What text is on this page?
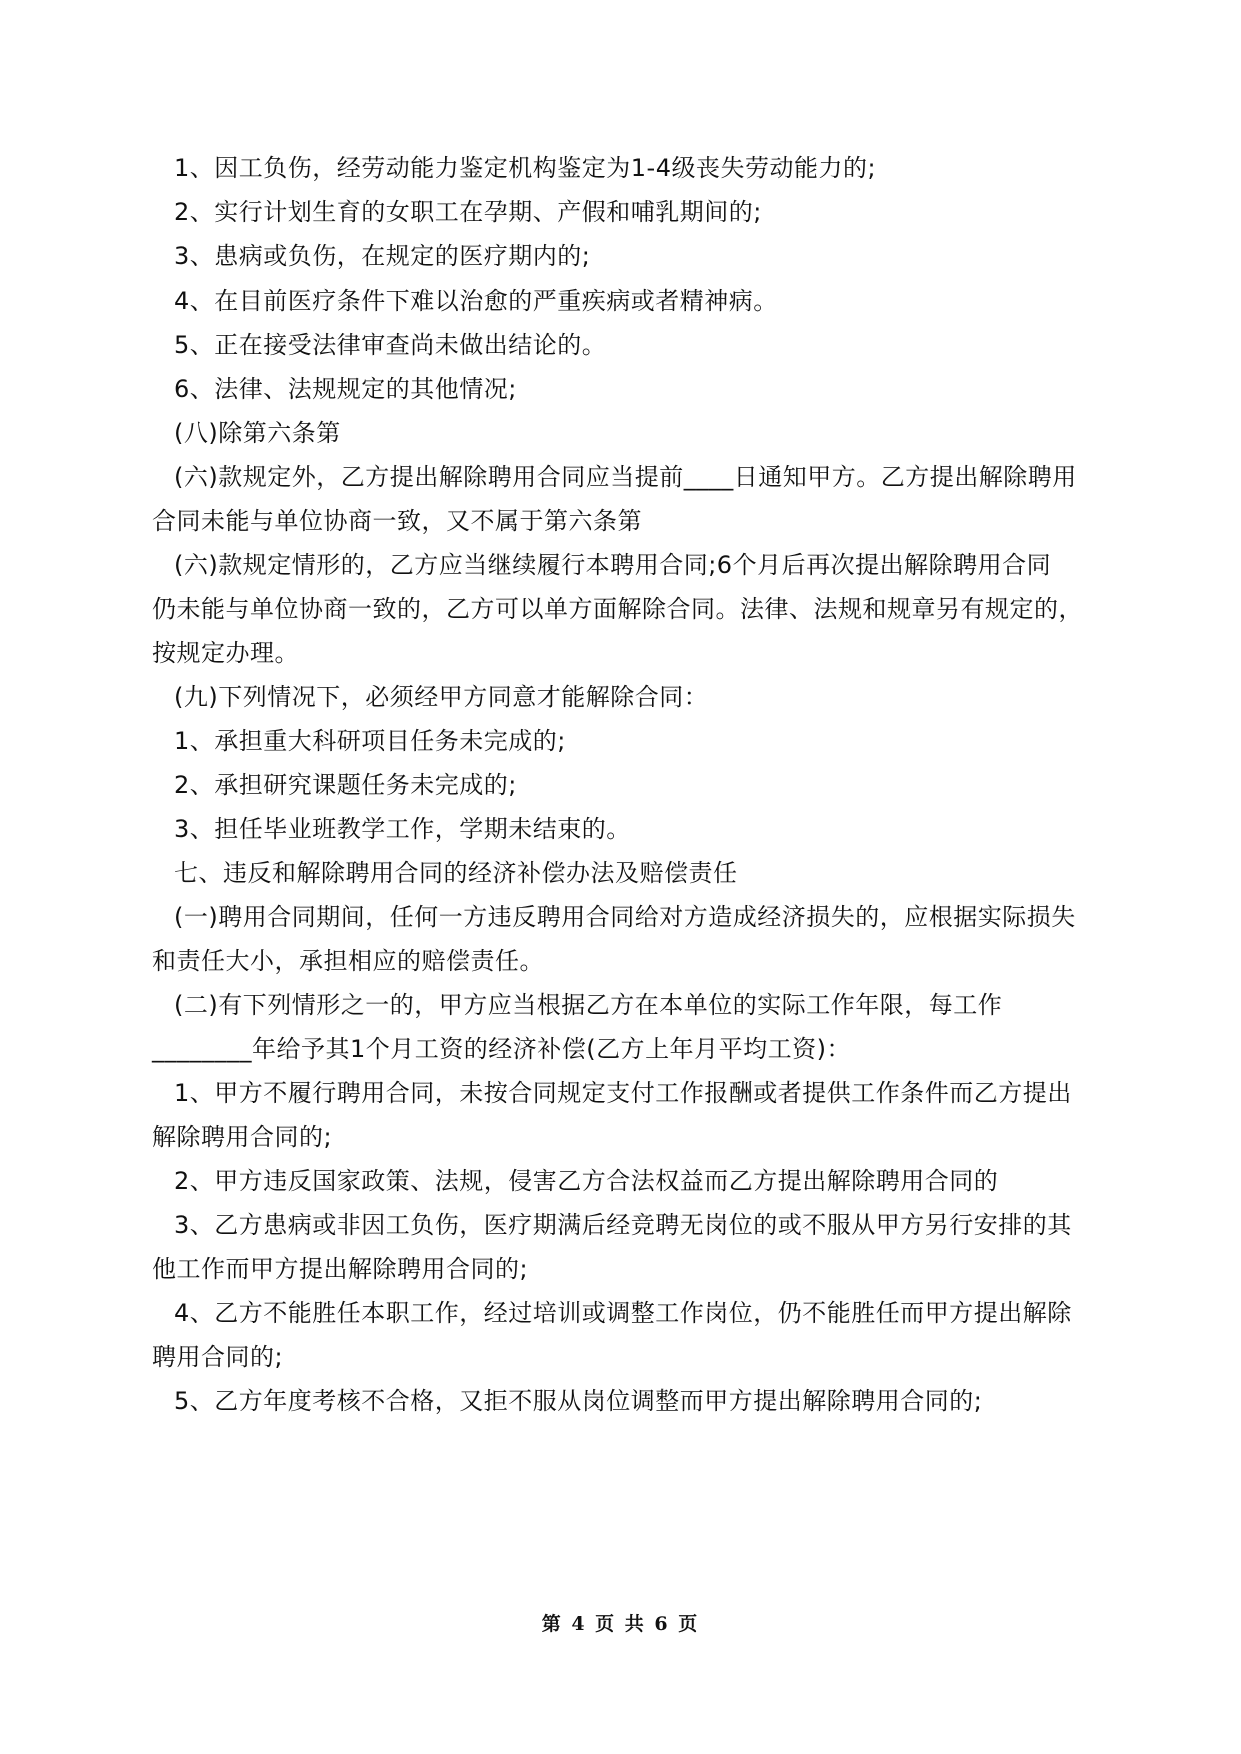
1、因工负伤，经劳动能力鉴定机构鉴定为1-4级丧失劳动能力的;
2、实行计划生育的女职工在孕期、产假和哺乳期间的;
3、患病或负伤，在规定的医疗期内的;
4、在目前医疗条件下难以治愈的严重疾病或者精神病。
5、正在接受法律审查尚未做出结论的。
6、法律、法规规定的其他情况;
(八)除第六条第
(六)款规定外，乙方提出解除聘用合同应当提前____日通知甲方。乙方提出解除聘用
合同未能与单位协商一致，又不属于第六条第
(六)款规定情形的，乙方应当继续履行本聘用合同;6个月后再次提出解除聘用合同
仍未能与单位协商一致的，乙方可以单方面解除合同。法律、法规和规章另有规定的，
按规定办理。
(九)下列情况下，必须经甲方同意才能解除合同：
1、承担重大科研项目任务未完成的;
2、承担研究课题任务未完成的;
3、担任毕业班教学工作，学期未结束的。
七、违反和解除聘用合同的经济补偿办法及赔偿责任
(一)聘用合同期间，任何一方违反聘用合同给对方造成经济损失的，应根据实际损失
和责任大小，承担相应的赔偿责任。
(二)有下列情形之一的，甲方应当根据乙方在本单位的实际工作年限，每工作
________年给予其1个月工资的经济补偿(乙方上年月平均工资)：
1、甲方不履行聘用合同，未按合同规定支付工作报酬或者提供工作条件而乙方提出
解除聘用合同的;
2、甲方违反国家政策、法规，侵害乙方合法权益而乙方提出解除聘用合同的
3、乙方患病或非因工负伤，医疗期满后经竞聘无岗位的或不服从甲方另行安排的其
他工作而甲方提出解除聘用合同的;
4、乙方不能胜任本职工作，经过培训或调整工作岗位，仍不能胜任而甲方提出解除
聘用合同的;
5、乙方年度考核不合格，又拒不服从岗位调整而甲方提出解除聘用合同的;
第 4 页 共 6 页
